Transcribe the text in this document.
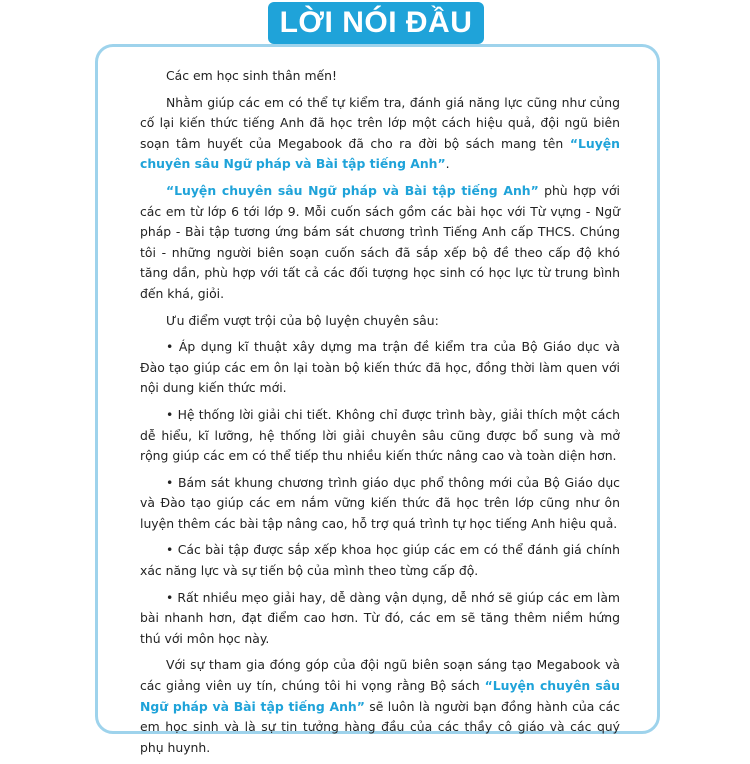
LỜI NÓI ĐẦU

Các em học sinh thân mến!

Nhằm giúp các em có thể tự kiểm tra, đánh giá năng lực cũng như củng cố lại kiến thức tiếng Anh đã học trên lớp một cách hiệu quả, đội ngũ biên soạn tâm huyết của Megabook đã cho ra đời bộ sách mang tên “Luyện chuyên sâu Ngữ pháp và Bài tập tiếng Anh”.

“Luyện chuyên sâu Ngữ pháp và Bài tập tiếng Anh” phù hợp với các em từ lớp 6 tới lớp 9. Mỗi cuốn sách gồm các bài học với Từ vựng - Ngữ pháp - Bài tập tương ứng bám sát chương trình Tiếng Anh cấp THCS. Chúng tôi - những người biên soạn cuốn sách đã sắp xếp bộ đề theo cấp độ khó tăng dần, phù hợp với tất cả các đối tượng học sinh có học lực từ trung bình đến khá, giỏi.

Ưu điểm vượt trội của bộ luyện chuyên sâu:

• Áp dụng kĩ thuật xây dựng ma trận đề kiểm tra của Bộ Giáo dục và Đào tạo giúp các em ôn lại toàn bộ kiến thức đã học, đồng thời làm quen với nội dung kiến thức mới.

• Hệ thống lời giải chi tiết. Không chỉ được trình bày, giải thích một cách dễ hiểu, kĩ lưỡng, hệ thống lời giải chuyên sâu cũng được bổ sung và mở rộng giúp các em có thể tiếp thu nhiều kiến thức nâng cao và toàn diện hơn.

• Bám sát khung chương trình giáo dục phổ thông mới của Bộ Giáo dục và Đào tạo giúp các em nắm vững kiến thức đã học trên lớp cũng như ôn luyện thêm các bài tập nâng cao, hỗ trợ quá trình tự học tiếng Anh hiệu quả.

• Các bài tập được sắp xếp khoa học giúp các em có thể đánh giá chính xác năng lực và sự tiến bộ của mình theo từng cấp độ.

• Rất nhiều mẹo giải hay, dễ dàng vận dụng, dễ nhớ sẽ giúp các em làm bài nhanh hơn, đạt điểm cao hơn. Từ đó, các em sẽ tăng thêm niềm hứng thú với môn học này.

Với sự tham gia đóng góp của đội ngũ biên soạn sáng tạo Megabook và các giảng viên uy tín, chúng tôi hi vọng rằng Bộ sách “Luyện chuyên sâu Ngữ pháp và Bài tập tiếng Anh” sẽ luôn là người bạn đồng hành của các em học sinh và là sự tin tưởng hàng đầu của các thầy cô giáo và các quý phụ huynh.
